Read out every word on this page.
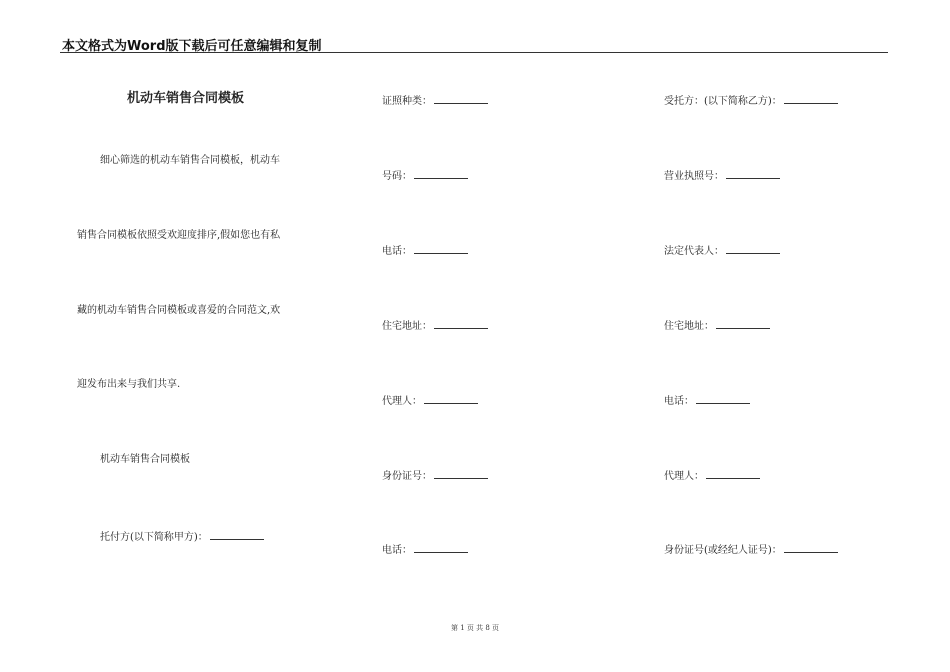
本文格式为Word版下载后可任意编辑和复制
机动车销售合同模板
细心筛选的机动车销售合同模板，机动车
销售合同模板依照受欢迎度排序,假如您也有私
藏的机动车销售合同模板或喜爱的合同范文,欢
迎发布出来与我们共享.
机动车销售合同模板
托付方(以下简称甲方)：
证照种类：
号码：
电话：
住宅地址：
代理人：
身份证号：
电话：
受托方：(以下简称乙方)：
营业执照号：
法定代表人：
住宅地址：
电话：
代理人：
身份证号(或经纪人证号)：
第 1 页 共 8 页
